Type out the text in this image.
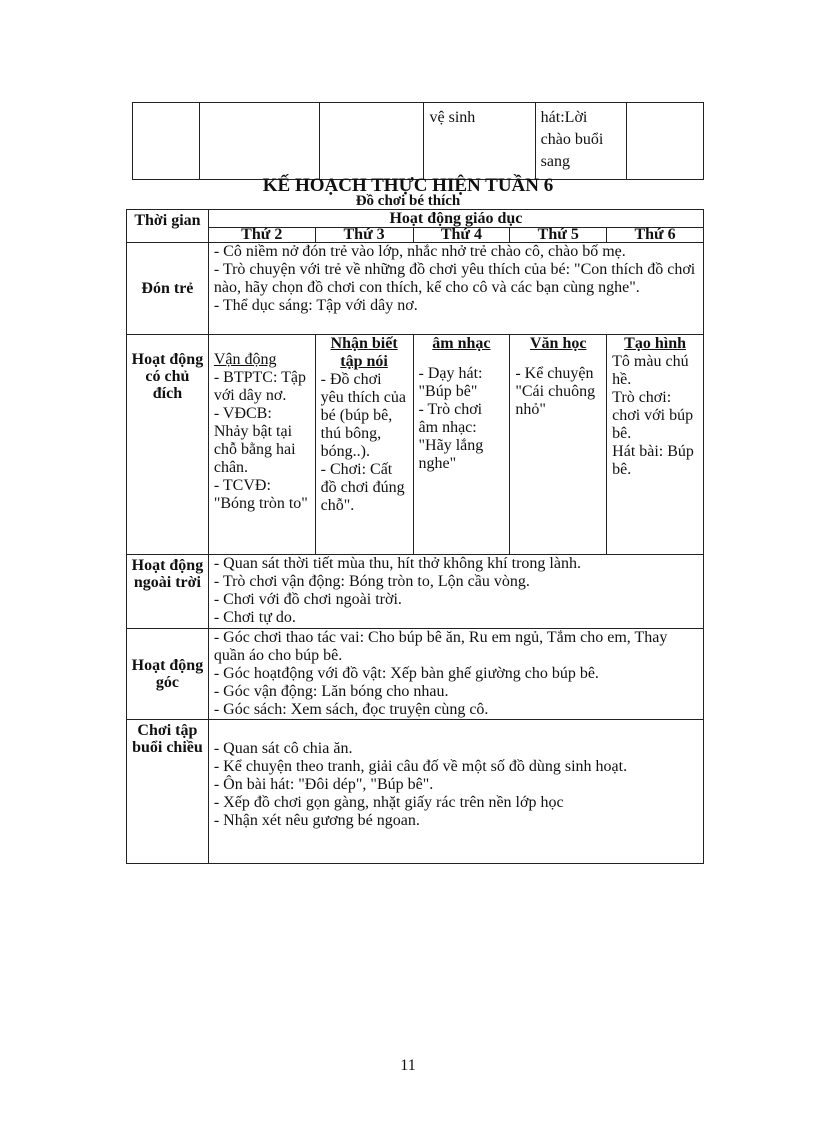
			vệ sinh	hát:Lời chào buổi sang	
KẾ HOẠCH THỰC HIỆN TUẦN 6
Đồ chơi bé thích
Thời gian	Hoạt động giáo dục				
	Thứ 2	Thứ 3	Thứ 4	Thứ 5	Thứ 6
Đón trẻ	- Cô niềm nở đón trẻ vào lớp, nhắc nhở trẻ chào cô, chào bố mẹ.
- Trò chuyện với trẻ về những đồ chơi yêu thích của bé: "Con thích đồ chơi nào, hãy chọn đồ chơi con thích, kể cho cô và các bạn cùng nghe".
- Thể dục sáng: Tập với dây nơ.				

Hoạt động có chủ đích	Vận động
- BTPTC: Tập với dây nơ.
- VĐCB: Nhảy bật tại chỗ bằng hai chân.
- TCVĐ: "Bóng tròn to"	Nhận biết tập nói
- Đồ chơi yêu thích của bé (búp bê, thú bông, bóng..).
- Chơi: Cất đồ chơi đúng chỗ".	âm nhạc
- Dạy hát: "Búp bê"
- Trò chơi âm nhạc: "Hãy lắng nghe"	Văn học
- Kể chuyện "Cái chuông nhỏ"	Tạo hình
Tô màu chú hề.
Trò chơi: chơi với búp bê.
Hát bài: Búp bê.

Hoạt động ngoài trời	- Quan sát thời tiết mùa thu, hít thở không khí trong lành.
- Trò chơi vận động: Bóng tròn to, Lộn cầu vòng.
- Chơi với đồ chơi ngoài trời.
- Chơi tự do.				

Hoạt động góc	- Góc chơi thao tác vai: Cho búp bê ăn, Ru em ngủ, Tắm cho em, Thay quần áo cho búp bê.
- Góc hoạtđộng với đồ vật: Xếp bàn ghế giường cho búp bê.
- Góc vận động: Lăn bóng cho nhau.
- Góc sách: Xem sách, đọc truyện cùng cô.				

Chơi tập buổi chiều	- Quan sát cô chia ăn.
- Kể chuyện theo tranh, giải câu đố về một số đồ dùng sinh hoạt.
- Ôn bài hát: "Đôi dép", "Búp bê".
- Xếp đồ chơi gọn gàng, nhặt giấy rác trên nền lớp học
- Nhận xét nêu gương bé ngoan.				
11
